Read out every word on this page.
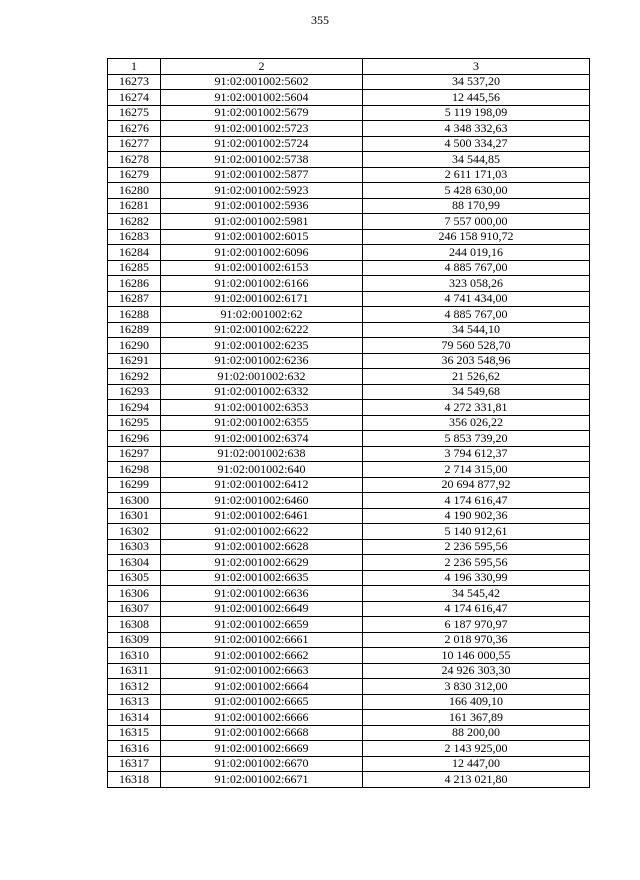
355
1	2	3
16273	91:02:001002:5602	34 537,20
16274	91:02:001002:5604	12 445,56
16275	91:02:001002:5679	5 119 198,09
16276	91:02:001002:5723	4 348 332,63
16277	91:02:001002:5724	4 500 334,27
16278	91:02:001002:5738	34 544,85
16279	91:02:001002:5877	2 611 171,03
16280	91:02:001002:5923	5 428 630,00
16281	91:02:001002:5936	88 170,99
16282	91:02:001002:5981	7 557 000,00
16283	91:02:001002:6015	246 158 910,72
16284	91:02:001002:6096	244 019,16
16285	91:02:001002:6153	4 885 767,00
16286	91:02:001002:6166	323 058,26
16287	91:02:001002:6171	4 741 434,00
16288	91:02:001002:62	4 885 767,00
16289	91:02:001002:6222	34 544,10
16290	91:02:001002:6235	79 560 528,70
16291	91:02:001002:6236	36 203 548,96
16292	91:02:001002:632	21 526,62
16293	91:02:001002:6332	34 549,68
16294	91:02:001002:6353	4 272 331,81
16295	91:02:001002:6355	356 026,22
16296	91:02:001002:6374	5 853 739,20
16297	91:02:001002:638	3 794 612,37
16298	91:02:001002:640	2 714 315,00
16299	91:02:001002:6412	20 694 877,92
16300	91:02:001002:6460	4 174 616,47
16301	91:02:001002:6461	4 190 902,36
16302	91:02:001002:6622	5 140 912,61
16303	91:02:001002:6628	2 236 595,56
16304	91:02:001002:6629	2 236 595,56
16305	91:02:001002:6635	4 196 330,99
16306	91:02:001002:6636	34 545,42
16307	91:02:001002:6649	4 174 616,47
16308	91:02:001002:6659	6 187 970,97
16309	91:02:001002:6661	2 018 970,36
16310	91:02:001002:6662	10 146 000,55
16311	91:02:001002:6663	24 926 303,30
16312	91:02:001002:6664	3 830 312,00
16313	91:02:001002:6665	166 409,10
16314	91:02:001002:6666	161 367,89
16315	91:02:001002:6668	88 200,00
16316	91:02:001002:6669	2 143 925,00
16317	91:02:001002:6670	12 447,00
16318	91:02:001002:6671	4 213 021,80
